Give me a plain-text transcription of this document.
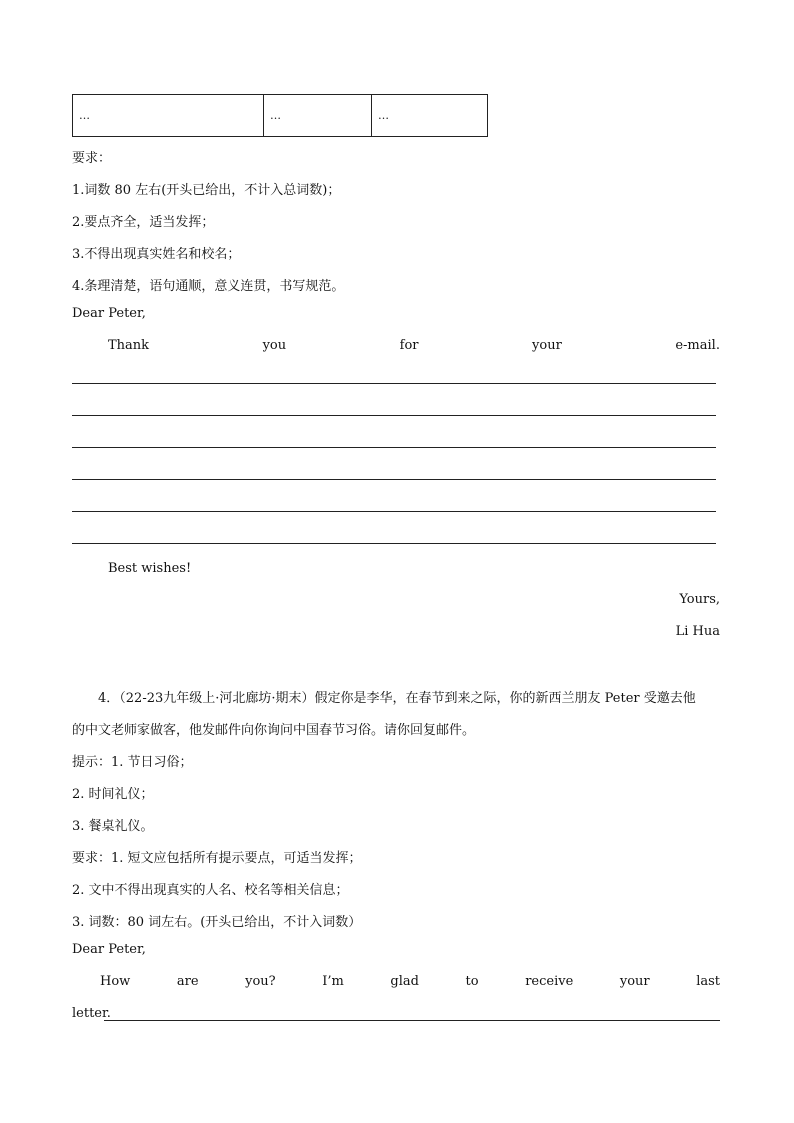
…	…	…
要求：
1.词数 80 左右(开头已给出，不计入总词数)；
2.要点齐全，适当发挥；
3.不得出现真实姓名和校名；
4.条理清楚，语句通顺，意义连贯，书写规范。
Dear Peter,
Thank	you	for	your	e-mail.
Best wishes!
Yours,
Li Hua
4．（22-23九年级上·河北廊坊·期末）假定你是李华，在春节到来之际，你的新西兰朋友 Peter 受邀去他
的中文老师家做客，他发邮件向你询问中国春节习俗。请你回复邮件。
提示：1. 节日习俗；
2. 时间礼仪；
3. 餐桌礼仪。
要求：1. 短文应包括所有提示要点，可适当发挥；
2. 文中不得出现真实的人名、校名等相关信息；
3. 词数：80 词左右。(开头已给出，不计入词数）
Dear Peter,
How	are	you?	I’m	glad	to	receive	your	last
letter.
